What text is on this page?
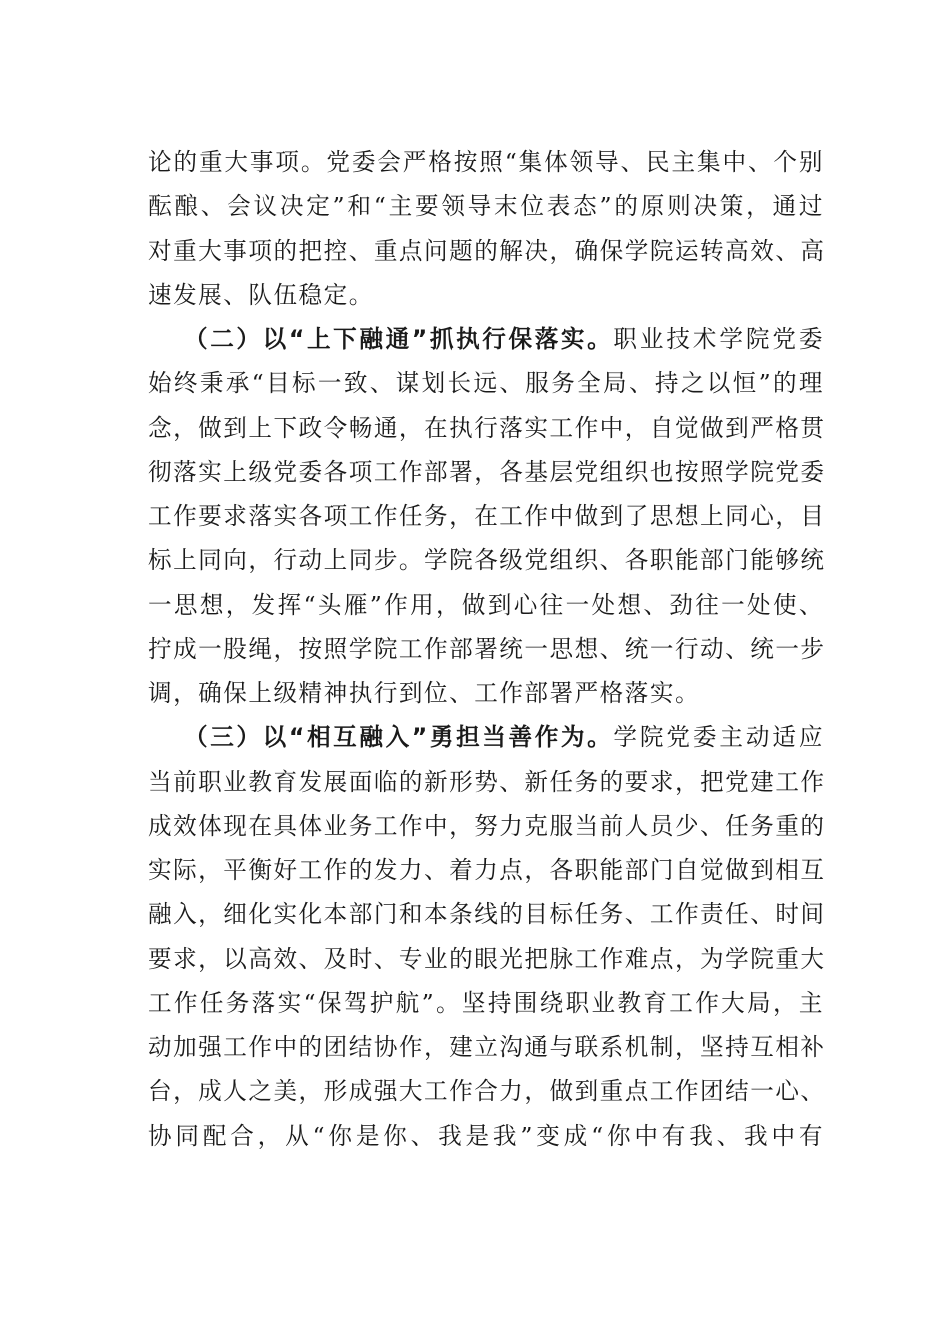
论的重大事项。党委会严格按照“集体领导、民主集中、个别
酝酿、会议决定”和“主要领导末位表态”的原则决策，通过
对重大事项的把控、重点问题的解决，确保学院运转高效、高
速发展、队伍稳定。
（二）以“上下融通”抓执行保落实。职业技术学院党委
始终秉承“目标一致、谋划长远、服务全局、持之以恒”的理
念，做到上下政令畅通，在执行落实工作中，自觉做到严格贯
彻落实上级党委各项工作部署，各基层党组织也按照学院党委
工作要求落实各项工作任务，在工作中做到了思想上同心，目
标上同向，行动上同步。学院各级党组织、各职能部门能够统
一思想，发挥“头雁”作用，做到心往一处想、劲往一处使、
拧成一股绳，按照学院工作部署统一思想、统一行动、统一步
调，确保上级精神执行到位、工作部署严格落实。
（三）以“相互融入”勇担当善作为。学院党委主动适应
当前职业教育发展面临的新形势、新任务的要求，把党建工作
成效体现在具体业务工作中，努力克服当前人员少、任务重的
实际，平衡好工作的发力、着力点，各职能部门自觉做到相互
融入，细化实化本部门和本条线的目标任务、工作责任、时间
要求，以高效、及时、专业的眼光把脉工作难点，为学院重大
工作任务落实“保驾护航”。坚持围绕职业教育工作大局，主
动加强工作中的团结协作，建立沟通与联系机制，坚持互相补
台，成人之美，形成强大工作合力，做到重点工作团结一心、
协同配合，从“你是你、我是我”变成“你中有我、我中有
